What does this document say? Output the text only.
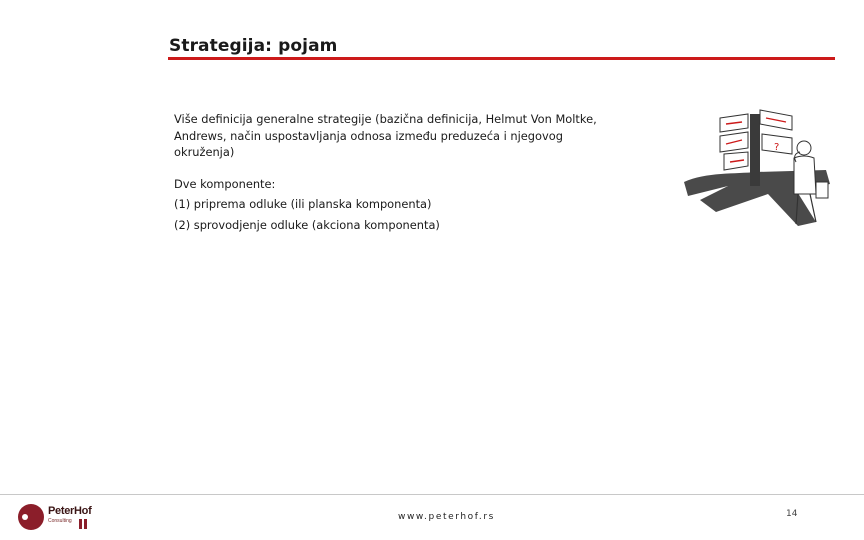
Strategija: pojam

Više definicija generalne strategije (bazična definicija, Helmut Von Moltke, Andrews, način uspostavljanja odnosa između preduzeća i njegovog okruženja)

Dve komponente:

(1) priprema odluke (ili planska komponenta)

(2) sprovodjenje odluke (akciona komponenta)

?
PeterHof
Consulting	www.peterhof.rs	14
